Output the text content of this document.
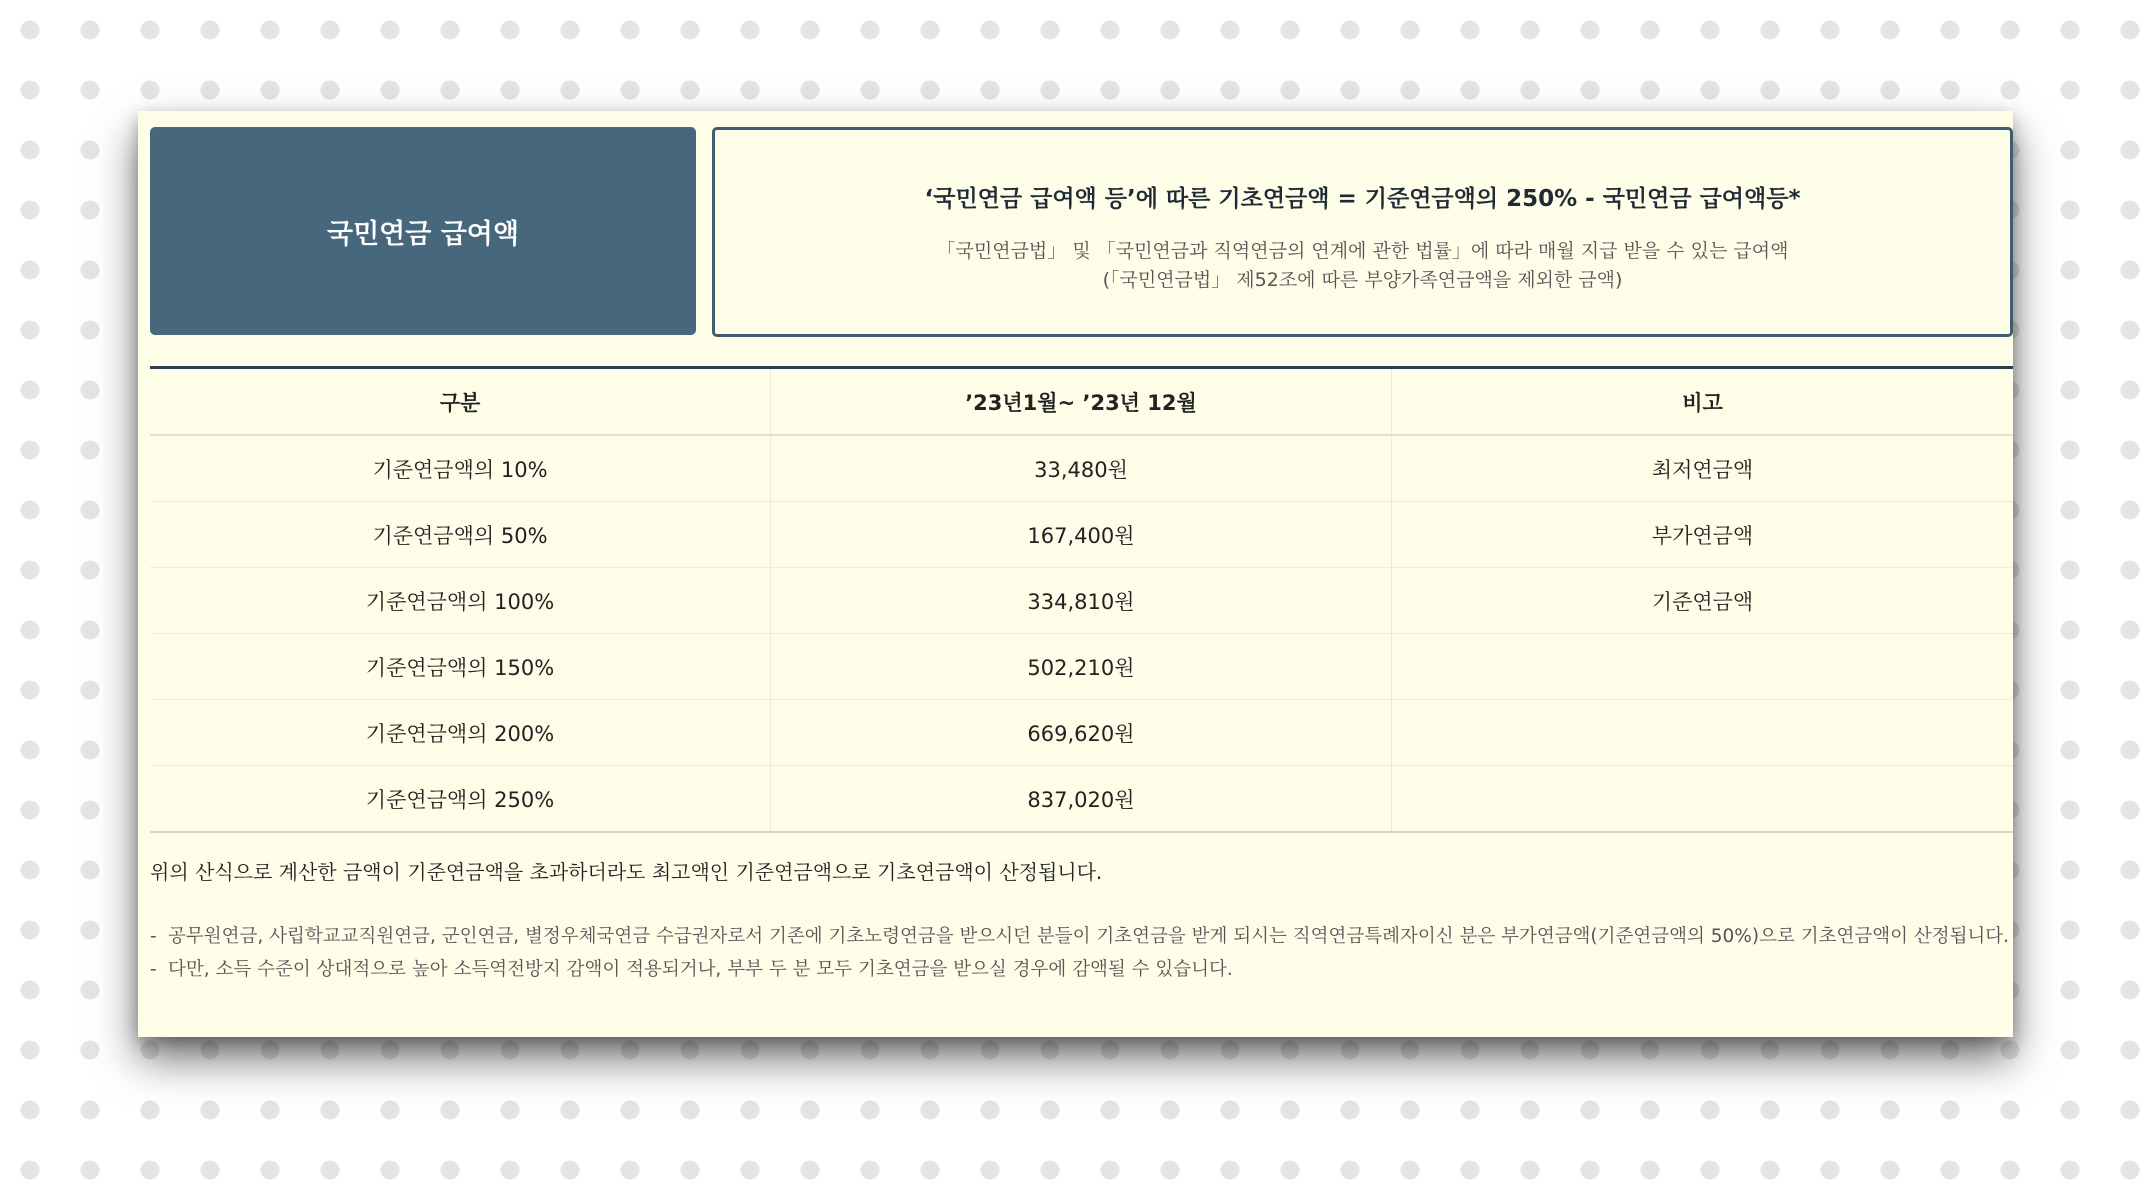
국민연금 급여액
‘국민연금 급여액 등’에 따른 기초연금액 = 기준연금액의 250% - 국민연금 급여액등*
「국민연금법」 및 「국민연금과 직역연금의 연계에 관한 법률」에 따라 매월 지급 받을 수 있는 급여액
(「국민연금법」 제52조에 따른 부양가족연금액을 제외한 금액)
구분	’23년1월~ ’23년 12월	비고
기준연금액의 10%	33,480원	최저연금액
기준연금액의 50%	167,400원	부가연금액
기준연금액의 100%	334,810원	기준연금액
기준연금액의 150%	502,210원	
기준연금액의 200%	669,620원	
기준연금액의 250%	837,020원	
위의 산식으로 계산한 금액이 기준연금액을 초과하더라도 최고액인 기준연금액으로 기초연금액이 산정됩니다.
- 공무원연금, 사립학교교직원연금, 군인연금, 별정우체국연금 수급권자로서 기존에 기초노령연금을 받으시던 분들이 기초연금을 받게 되시는 직역연금특례자이신 분은 부가연금액(기준연금액의 50%)으로 기초연금액이 산정됩니다.
- 다만, 소득 수준이 상대적으로 높아 소득역전방지 감액이 적용되거나, 부부 두 분 모두 기초연금을 받으실 경우에 감액될 수 있습니다.
